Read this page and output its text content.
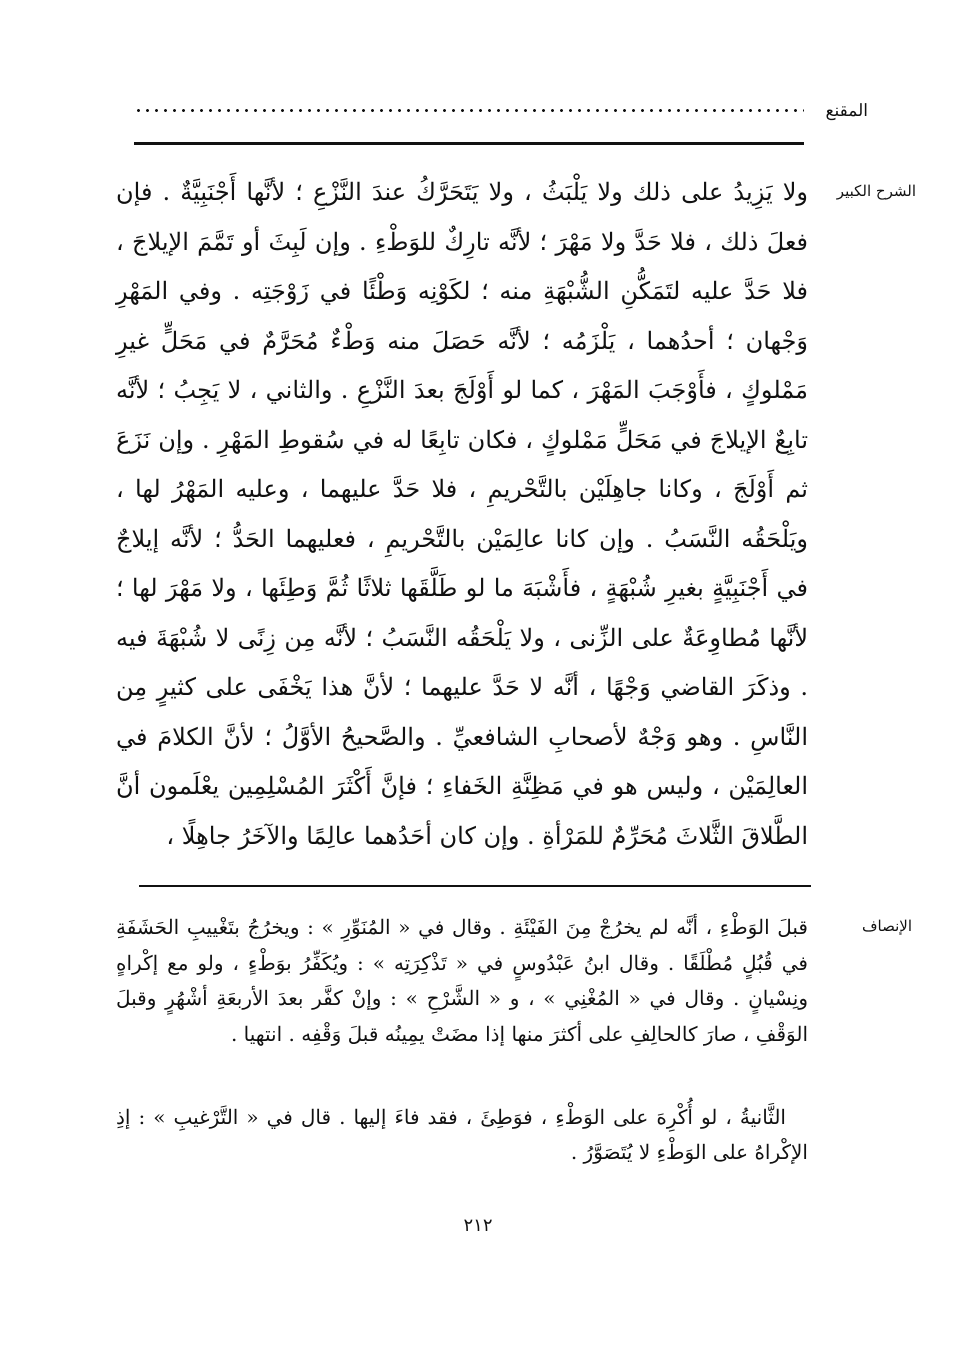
المقنع
الشرح الكبير

ولا يَزِيدُ على ذلك ولا يَلْبَثُ ، ولا يَتَحَرَّكُ عندَ النَّزْعِ ؛ لأنَّها أَجْنَبِيَّةٌ . فإن فعلَ ذلك ، فلا حَدَّ ولا مَهْرَ ؛ لأنَّه تارِكٌ للوَطْءِ . وإن لَبِثَ أو تَمَّمَ الإيلاجَ ، فلا حَدَّ عليه لتَمَكُّنِ الشُّبْهَةِ منه ؛ لكَوْنِه وَطْئًا في زَوْجَتِه . وفي المَهْرِ وَجْهان ؛ أحدُهما ، يَلْزَمُه ؛ لأنَّه حَصَلَ منه وَطْءٌ مُحَرَّمٌ في مَحَلٍّ غيرِ مَمْلوكٍ ، فأَوْجَبَ المَهْرَ ، كما لو أَوْلَجَ بعدَ النَّزْعِ . والثاني ، لا يَجِبُ ؛ لأنَّه تابِعٌ الإيلاجَ في مَحَلٍّ مَمْلوكٍ ، فكان تابِعًا له في سُقوطِ المَهْرِ . وإن نَزَعَ ثم أَوْلَجَ ، وكانا جاهِلَيْن بالتَّحْريمِ ، فلا حَدَّ عليهما ، وعليه المَهْرُ لها ، ويَلْحَقُه النَّسَبُ . وإن كانا عالِمَيْن بالتَّحْريمِ ، فعليهما الحَدُّ ؛ لأنَّه إيلاجٌ في أَجْنَبِيَّةٍ بغيرِ شُبْهَةٍ ، فأَشْبَهَ ما لو طَلَّقَها ثلاثًا ثُمَّ وَطِئَها ، ولا مَهْرَ لها ؛ لأنَّها مُطاوِعَةٌ على الزِّنى ، ولا يَلْحَقُه النَّسَبُ ؛ لأنَّه مِن زِنًى لا شُبْهَةَ فيه . وذكَرَ القاضي وَجْهًا ، أنَّه لا حَدَّ عليهما ؛ لأنَّ هذا يَخْفَى على كثيرٍ مِن النَّاسِ . وهو وَجْهٌ لأصحابِ الشافعيِّ . والصَّحيحُ الأوَّلُ ؛ لأنَّ الكلامَ في العالِمَيْن ، وليس هو في مَظِنَّةِ الخَفاءِ ؛ فإنَّ أَكْثَرَ المُسْلِمِين يعْلَمون أنَّ الطَّلاقَ الثَّلاثَ مُحَرِّمٌ للمَرْأةِ . وإن كان أحَدُهما عالِمًا والآخَرُ جاهِلًا ،

الإنصاف

قبلَ الوَطْءِ ، أنَّه لم يخرُجْ مِنَ الفَيْئَةِ . وقال في « المُنَوِّرِ » : ويخرُجُ بتَغْييبِ الحَشَفَةِ في قُبُلٍ مُطْلَقًا . وقال ابنُ عَبْدُوسٍ في « تَذْكِرَتِه » : ويُكَفِّرُ بوَطْءٍ ، ولو مع إكْراهٍ ونِسْيانٍ . وقال في « المُغْنِي » ، و « الشَّرْحِ » : وإنْ كفَّر بعدَ الأربعَةِ أشْهُرٍ وقبلَ الوَقْفِ ، صارَ كالحالِفِ على أكثرَ منها إذا مضَتْ يمِينُه قبلَ وَقْفِه . انتهيا .

الثَّانيةُ ، لو أُكْرِهَ على الوَطْءِ ، فوَطِئَ ، فقد فاءَ إليها . قال في « التَّرْغيبِ » : إذِ الإكْراهُ على الوَطْءِ لا يُتَصَوَّرُ .

٢١٢
